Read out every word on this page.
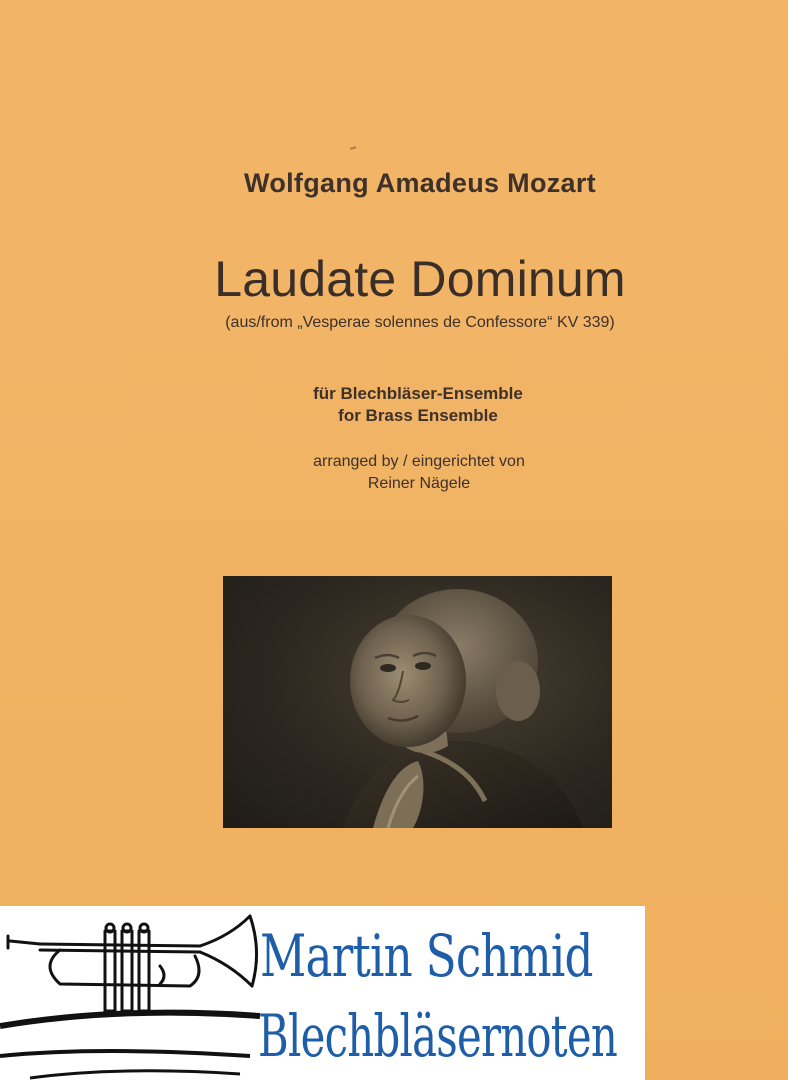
Wolfgang Amadeus Mozart
Laudate Dominum
(aus/from „Vesperae solennes de Confessore“ KV 339)
für Blechbläser-Ensemble
for Brass Ensemble
arranged by / eingerichtet von
Reiner Nägele
Martin Schmid
Blechbläsernoten
